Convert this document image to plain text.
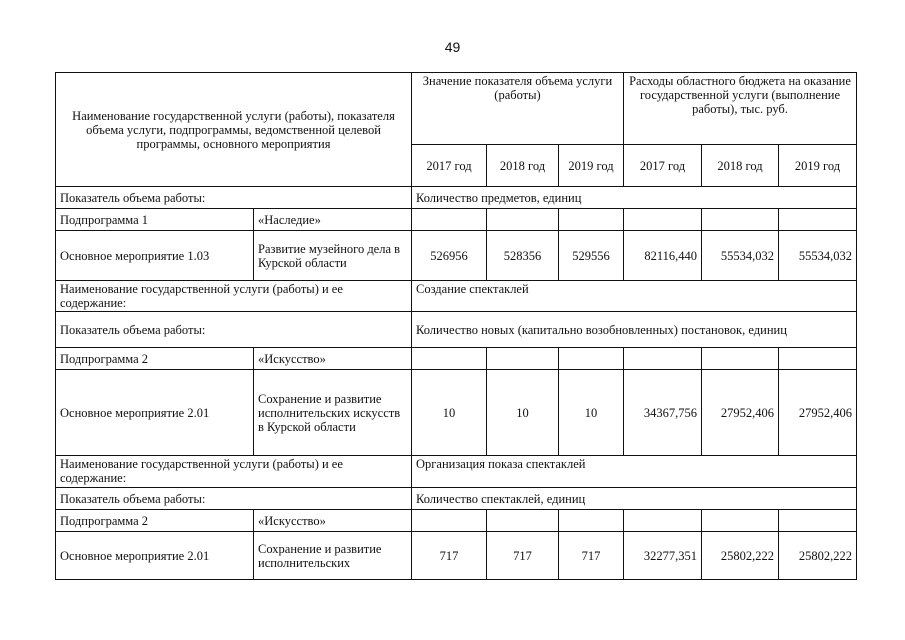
49
Наименование государственной услуги (работы), показателя объема услуги, подпрограммы, ведомственной целевой программы, основного мероприятия		Значение показателя объема услуги (работы)			Расходы областного бюджета на оказание государственной услуги (выполнение работы), тыс. руб.		
		2017 год	2018 год	2019 год	2017 год	2018 год	2019 год
Показатель объема работы:		Количество предметов, единиц					
Подпрограмма 1	«Наследие»						
Основное мероприятие 1.03	Развитие музейного дела в Курской области	526956	528356	529556	82116,440	55534,032	55534,032
Наименование государственной услуги (работы) и ее содержание:		Создание спектаклей					
Показатель объема работы:		Количество новых (капитально возобновленных) постановок, единиц					
Подпрограмма 2	«Искусство»						
Основное мероприятие 2.01	Сохранение и развитие исполнительских искусств в Курской области	10	10	10	34367,756	27952,406	27952,406
Наименование государственной услуги (работы) и ее содержание:		Организация показа спектаклей					
Показатель объема работы:		Количество спектаклей, единиц					
Подпрограмма 2	«Искусство»						
Основное мероприятие 2.01	Сохранение и развитие исполнительских	717	717	717	32277,351	25802,222	25802,222
